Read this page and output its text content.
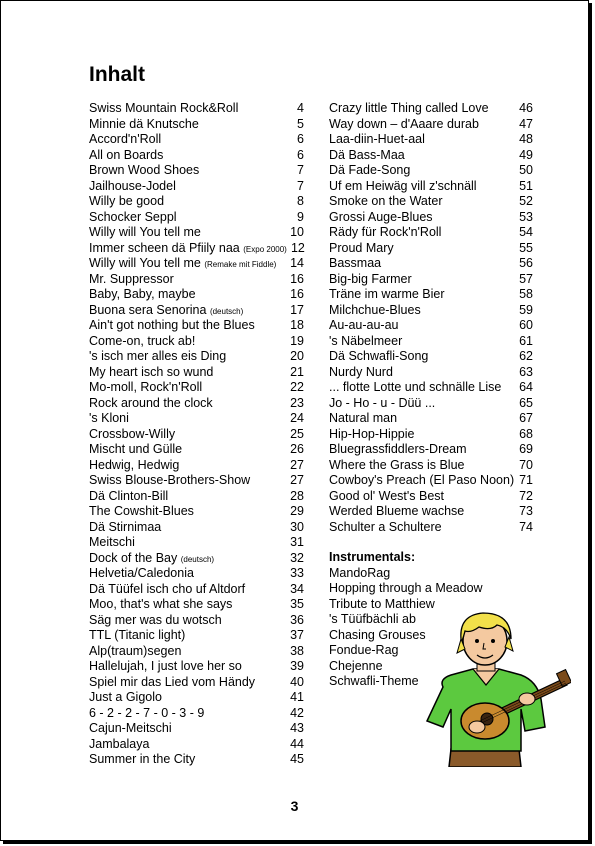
Inhalt
Swiss Mountain Rock&Roll	4
Minnie dä Knutsche	5
Accord'n'Roll	6
All on Boards	6
Brown Wood Shoes	7
Jailhouse-Jodel	7
Willy be good	8
Schocker Seppl	9
Willy will You tell me	10
Immer scheen dä Pfiily naa (Expo 2000) 12
Willy will You tell me (Remake mit Fiddle)	14
Mr. Suppressor	16
Baby, Baby, maybe	16
Buona sera Senorina (deutsch)	17
Ain't got nothing but the Blues	18
Come-on, truck ab!	19
's isch mer alles eis Ding	20
My heart isch so wund	21
Mo-moll, Rock'n'Roll	22
Rock around the clock	23
's Kloni	24
Crossbow-Willy	25
Mischt und Gülle	26
Hedwig, Hedwig	27
Swiss Blouse-Brothers-Show	27
Dä Clinton-Bill	28
The Cowshit-Blues	29
Dä Stirnimaa	30
Meitschi	31
Dock of the Bay (deutsch)	32
Helvetia/Caledonia	33
Dä Tüüfel isch cho uf Altdorf	34
Moo, that's what she says	35
Säg mer was du wotsch	36
TTL (Titanic light)	37
Alp(traum)segen	38
Hallelujah, I just love her so	39
Spiel mir das Lied vom Händy	40
Just a Gigolo	41
6 - 2 - 2 - 7 - 0 - 3 - 9	42
Cajun-Meitschi	43
Jambalaya	44
Summer in the City	45
Crazy little Thing called Love	46
Way down – d'Aaare durab	47
Laa-diin-Huet-aal	48
Dä Bass-Maa	49
Dä Fade-Song	50
Uf em Heiwäg vill z'schnäll	51
Smoke on the Water	52
Grossi Auge-Blues	53
Rädy für Rock'n'Roll	54
Proud Mary	55
Bassmaa	56
Big-big Farmer	57
Träne im warme Bier	58
Milchchue-Blues	59
Au-au-au-au	60
's Näbelmeer	61
Dä Schwafli-Song	62
Nurdy Nurd	63
... flotte Lotte und schnälle Lise	64
Jo - Ho - u - Düü ...	65
Natural man	67
Hip-Hop-Hippie	68
Bluegrassfiddlers-Dream	69
Where the Grass is Blue	70
Cowboy's Preach (El Paso Noon) 71
Good ol' West's Best	72
Werded Blueme wachse	73
Schulter a Schultere	74
Instrumentals:
MandoRag
Hopping through a Meadow
Tribute to Matthiew
's Tüüfbächli ab
Chasing Grouses
Fondue-Rag
Chejenne
Schwafli-Theme
3
